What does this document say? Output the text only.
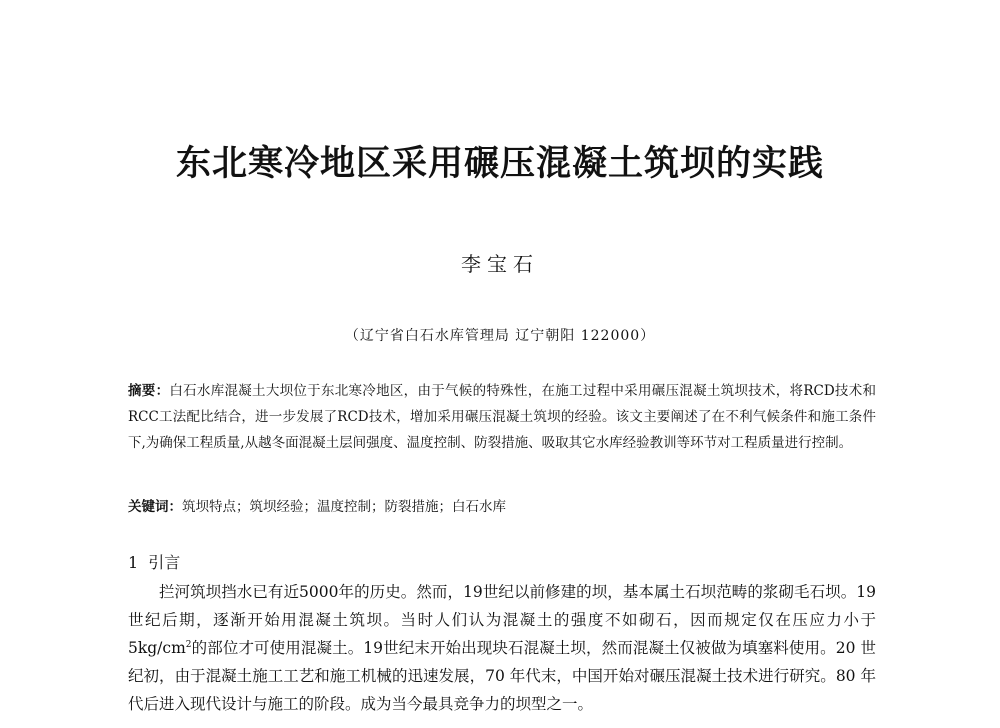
东北寒冷地区采用碾压混凝土筑坝的实践
李宝石
（辽宁省白石水库管理局 辽宁朝阳 122000）
摘要：白石水库混凝土大坝位于东北寒冷地区，由于气候的特殊性，在施工过程中采用碾压混凝土筑坝技术，将RCD技术和RCC工法配比结合，进一步发展了RCD技术，增加采用碾压混凝土筑坝的经验。该文主要阐述了在不利气候条件和施工条件下,为确保工程质量,从越冬面混凝土层间强度、温度控制、防裂措施、吸取其它水库经验教训等环节对工程质量进行控制。
关键词：筑坝特点；筑坝经验；温度控制；防裂措施；白石水库
1 引言

拦河筑坝挡水已有近5000年的历史。然而，19世纪以前修建的坝，基本属土石坝范畴的浆砌毛石坝。19 世纪后期，逐渐开始用混凝土筑坝。当时人们认为混凝土的强度不如砌石，因而规定仅在压应力小于 $5kg/cm^2$的部位才可使用混凝土。19世纪末开始出现块石混凝土坝，然而混凝土仅被做为填塞料使用。20 世纪初，由于混凝土施工工艺和施工机械的迅速发展，70 年代末，中国开始对碾压混凝土技术进行研究。80 年代后进入现代设计与施工的阶段。成为当今最具竞争力的坝型之一。
